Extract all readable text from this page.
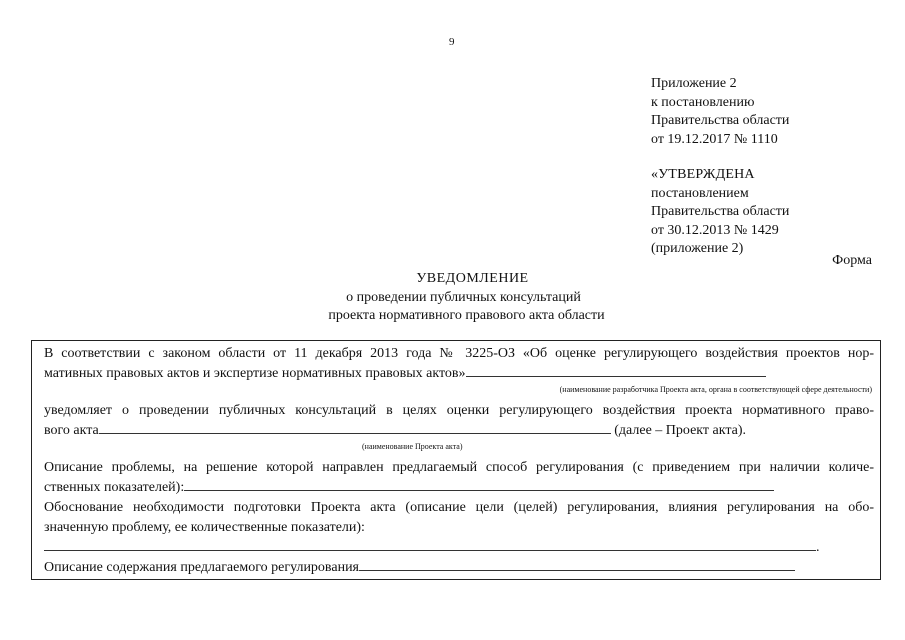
9
Приложение 2
к постановлению
Правительства области
от 19.12.2017 № 1110
«УТВЕРЖДЕНА
постановлением
Правительства области
от 30.12.2013 № 1429
(приложение 2)
Форма
УВЕДОМЛЕНИЕ
о проведении публичных консультаций
проекта нормативного правового акта области
В соответствии с законом области от 11 декабря 2013 года № 3225-ОЗ «Об оценке регулирующего воздействия проектов нор-
мативных правовых актов и экспертизе нормативных правовых актов»
(наименование разработчика Проекта акта, органа в соответствующей сфере деятельности)
уведомляет о проведении публичных консультаций в целях оценки регулирующего воздействия проекта нормативного право-
вого акта	(далее – Проект акта).
(наименование Проекта акта)
Описание проблемы, на решение которой направлен предлагаемый способ регулирования (с приведением при наличии количе-
ственных показателей):
Обоснование необходимости подготовки Проекта акта (описание цели (целей) регулирования, влияния регулирования на обо-
значенную проблему, ее количественные показатели):
.
Описание содержания предлагаемого регулирования
